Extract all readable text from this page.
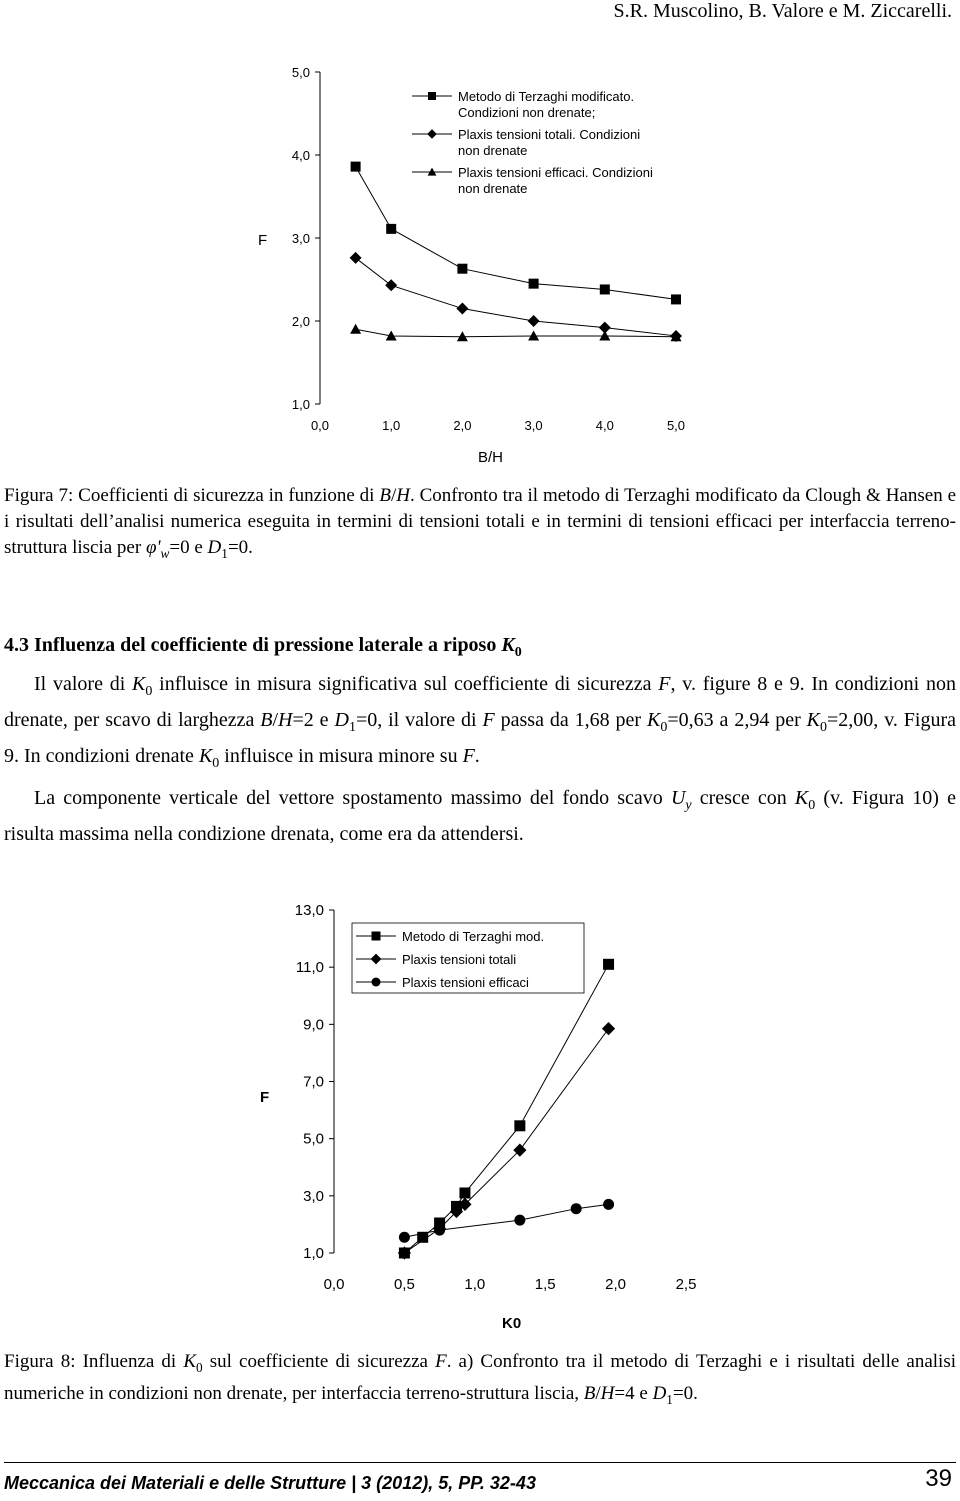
S.R. Muscolino, B. Valore e M. Ziccarelli.
F
B/H
1,0
2,0
3,0
4,0
5,0
0,0	1,0	2,0	3,0	4,0	5,0
Metodo di Terzaghi modificato.
Condizioni non drenate;
Plaxis tensioni totali. Condizioni
non drenate
Plaxis tensioni efficaci. Condizioni
non drenate
Figura 7: Coefficienti di sicurezza in funzione di B/H. Confronto tra il metodo di Terzaghi modificato da Clough & Hansen e i risultati dell’analisi numerica eseguita in termini di tensioni totali e in termini di tensioni efficaci per interfaccia terreno-struttura liscia per $\varphi'_w=0$ e $D_1=0$.
4.3 Influenza del coefficiente di pressione laterale a riposo $K_0$
Il valore di $K_0$ influisce in misura significativa sul coefficiente di sicurezza F, v. figure 8 e 9. In condizioni non drenate, per scavo di larghezza B/H=2 e $D_1=0$, il valore di F passa da 1,68 per $K_0=0,63$ a 2,94 per $K_0=2,00$, v. Figura 9. In condizioni drenate $K_0$ influisce in misura minore su F.
La componente verticale del vettore spostamento massimo del fondo scavo $U_y$ cresce con $K_0$ (v. Figura 10) e risulta massima nella condizione drenata, come era da attendersi.
F
K0
1,0
3,0
5,0
7,0
9,0
11,0
13,0
0,0	0,5	1,0	1,5	2,0	2,5
Metodo di Terzaghi mod.
Plaxis tensioni totali
Plaxis tensioni efficaci
Figura 8: Influenza di $K_0$ sul coefficiente di sicurezza F. a) Confronto tra il metodo di Terzaghi e i risultati delle analisi numeriche in condizioni non drenate, per interfaccia terreno-struttura liscia, B/H=4 e $D_1=0$.
Meccanica dei Materiali e delle Strutture | 3 (2012), 5, PP. 32-43	39
